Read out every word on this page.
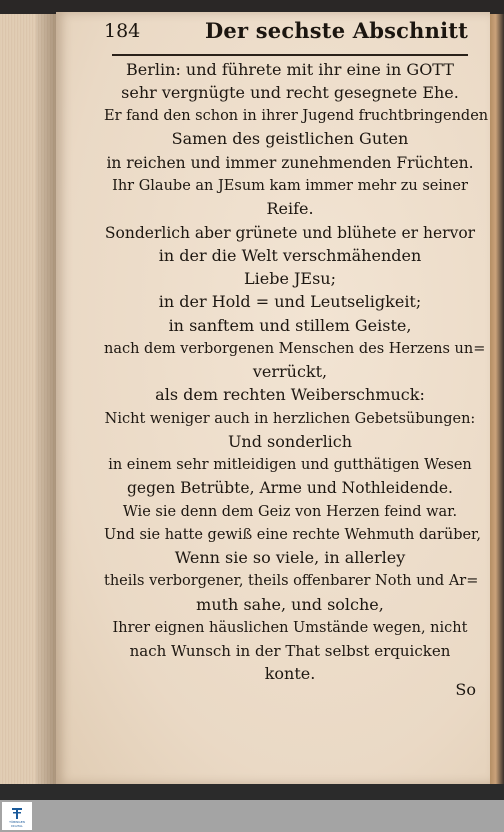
184	Der sechste Abschnitt
Berlin: und führete mit ihr eine in GOTT
sehr vergnügte und recht gesegnete Ehe.
Er fand den schon in ihrer Jugend fruchtbringenden
Samen des geistlichen Guten
in reichen und immer zunehmenden Früchten.
Ihr Glaube an JEsum kam immer mehr zu seiner
Reife.
Sonderlich aber grünete und blühete er hervor
in der die Welt verschmähenden
Liebe JEsu;
in der Hold = und Leutseligkeit;
in sanftem und stillem Geiste,
nach dem verborgenen Menschen des Herzens un=
verrückt,
als dem rechten Weiberschmuck:
Nicht weniger auch in herzlichen Gebetsübungen:
Und sonderlich
in einem sehr mitleidigen und gutthätigen Wesen
gegen Betrübte, Arme und Nothleidende.
Wie sie denn dem Geiz von Herzen feind war.
Und sie hatte gewiß eine rechte Wehmuth darüber,
Wenn sie so viele, in allerley
theils verborgener, theils offenbarer Noth und Ar=
muth sahe, und solche,
Ihrer eignen häuslichen Umstände wegen, nicht
nach Wunsch in der That selbst erquicken
konte.
So
TÜBINGEN DIGITAL
